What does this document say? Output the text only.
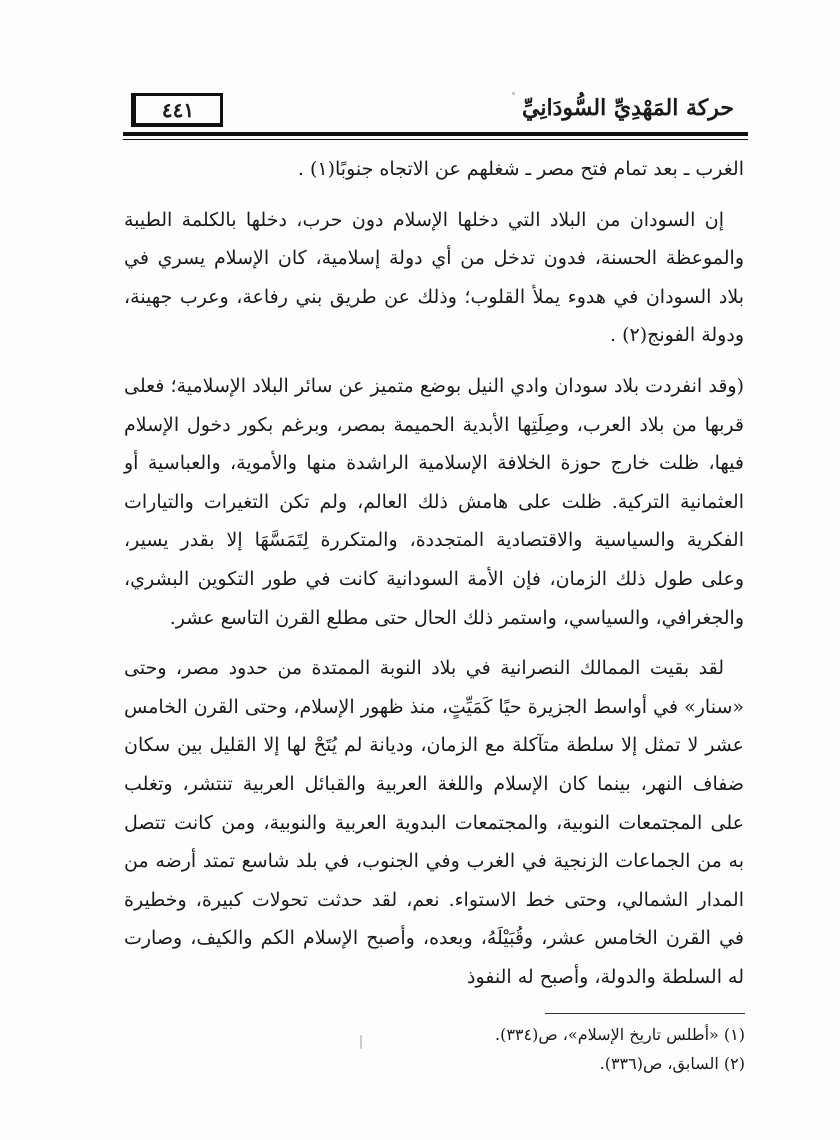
٤٤١	حركة المَهْدِيِّ السُّودَانِيِّ

الغرب ـ بعد تمام فتح مصر ـ شغلهم عن الاتجاه جنوبًا(١) .

إن السودان من البلاد التي دخلها الإسلام دون حرب، دخلها بالكلمة الطيبة والموعظة الحسنة، فدون تدخل من أي دولة إسلامية، كان الإسلام يسري في بلاد السودان في هدوء يملأ القلوب؛ وذلك عن طريق بني رفاعة، وعرب جهينة، ودولة الفونج(٢) .

(وقد انفردت بلاد سودان وادي النيل بوضع متميز عن سائر البلاد الإسلامية؛ فعلى قربها من بلاد العرب، وصِلَتِها الأبدية الحميمة بمصر، وبرغم بكور دخول الإسلام فيها، ظلت خارج حوزة الخلافة الإسلامية الراشدة منها والأموية، والعباسية أو العثمانية التركية. ظلت على هامش ذلك العالم، ولم تكن التغيرات والتيارات الفكرية والسياسية والاقتصادية المتجددة، والمتكررة لِتَمَسَّهَا إلا بقدر يسير، وعلى طول ذلك الزمان، فإن الأمة السودانية كانت في طور التكوين البشري، والجغرافي، والسياسي، واستمر ذلك الحال حتى مطلع القرن التاسع عشر.

لقد بقيت الممالك النصرانية في بلاد النوبة الممتدة من حدود مصر، وحتى «سنار» في أواسط الجزيرة حيًا كَمَيِّتٍ، منذ ظهور الإسلام، وحتى القرن الخامس عشر لا تمثل إلا سلطة متآكلة مع الزمان، وديانة لم يُتَحْ لها إلا القليل بين سكان ضفاف النهر، بينما كان الإسلام واللغة العربية والقبائل العربية تنتشر، وتغلب على المجتمعات النوبية، والمجتمعات البدوية العربية والنوبية، ومن كانت تتصل به من الجماعات الزنجية في الغرب وفي الجنوب، في بلد شاسع تمتد أرضه من المدار الشمالي، وحتى خط الاستواء. نعم، لقد حدثت تحولات كبيرة، وخطيرة في القرن الخامس عشر، وقُبَيْلَهُ، وبعده، وأصبح الإسلام الكم والكيف، وصارت له السلطة والدولة، وأصبح له النفوذ

(١) «أطلس تاريخ الإسلام»، ص(٣٣٤).

(٢) السابق، ص(٣٣٦).
